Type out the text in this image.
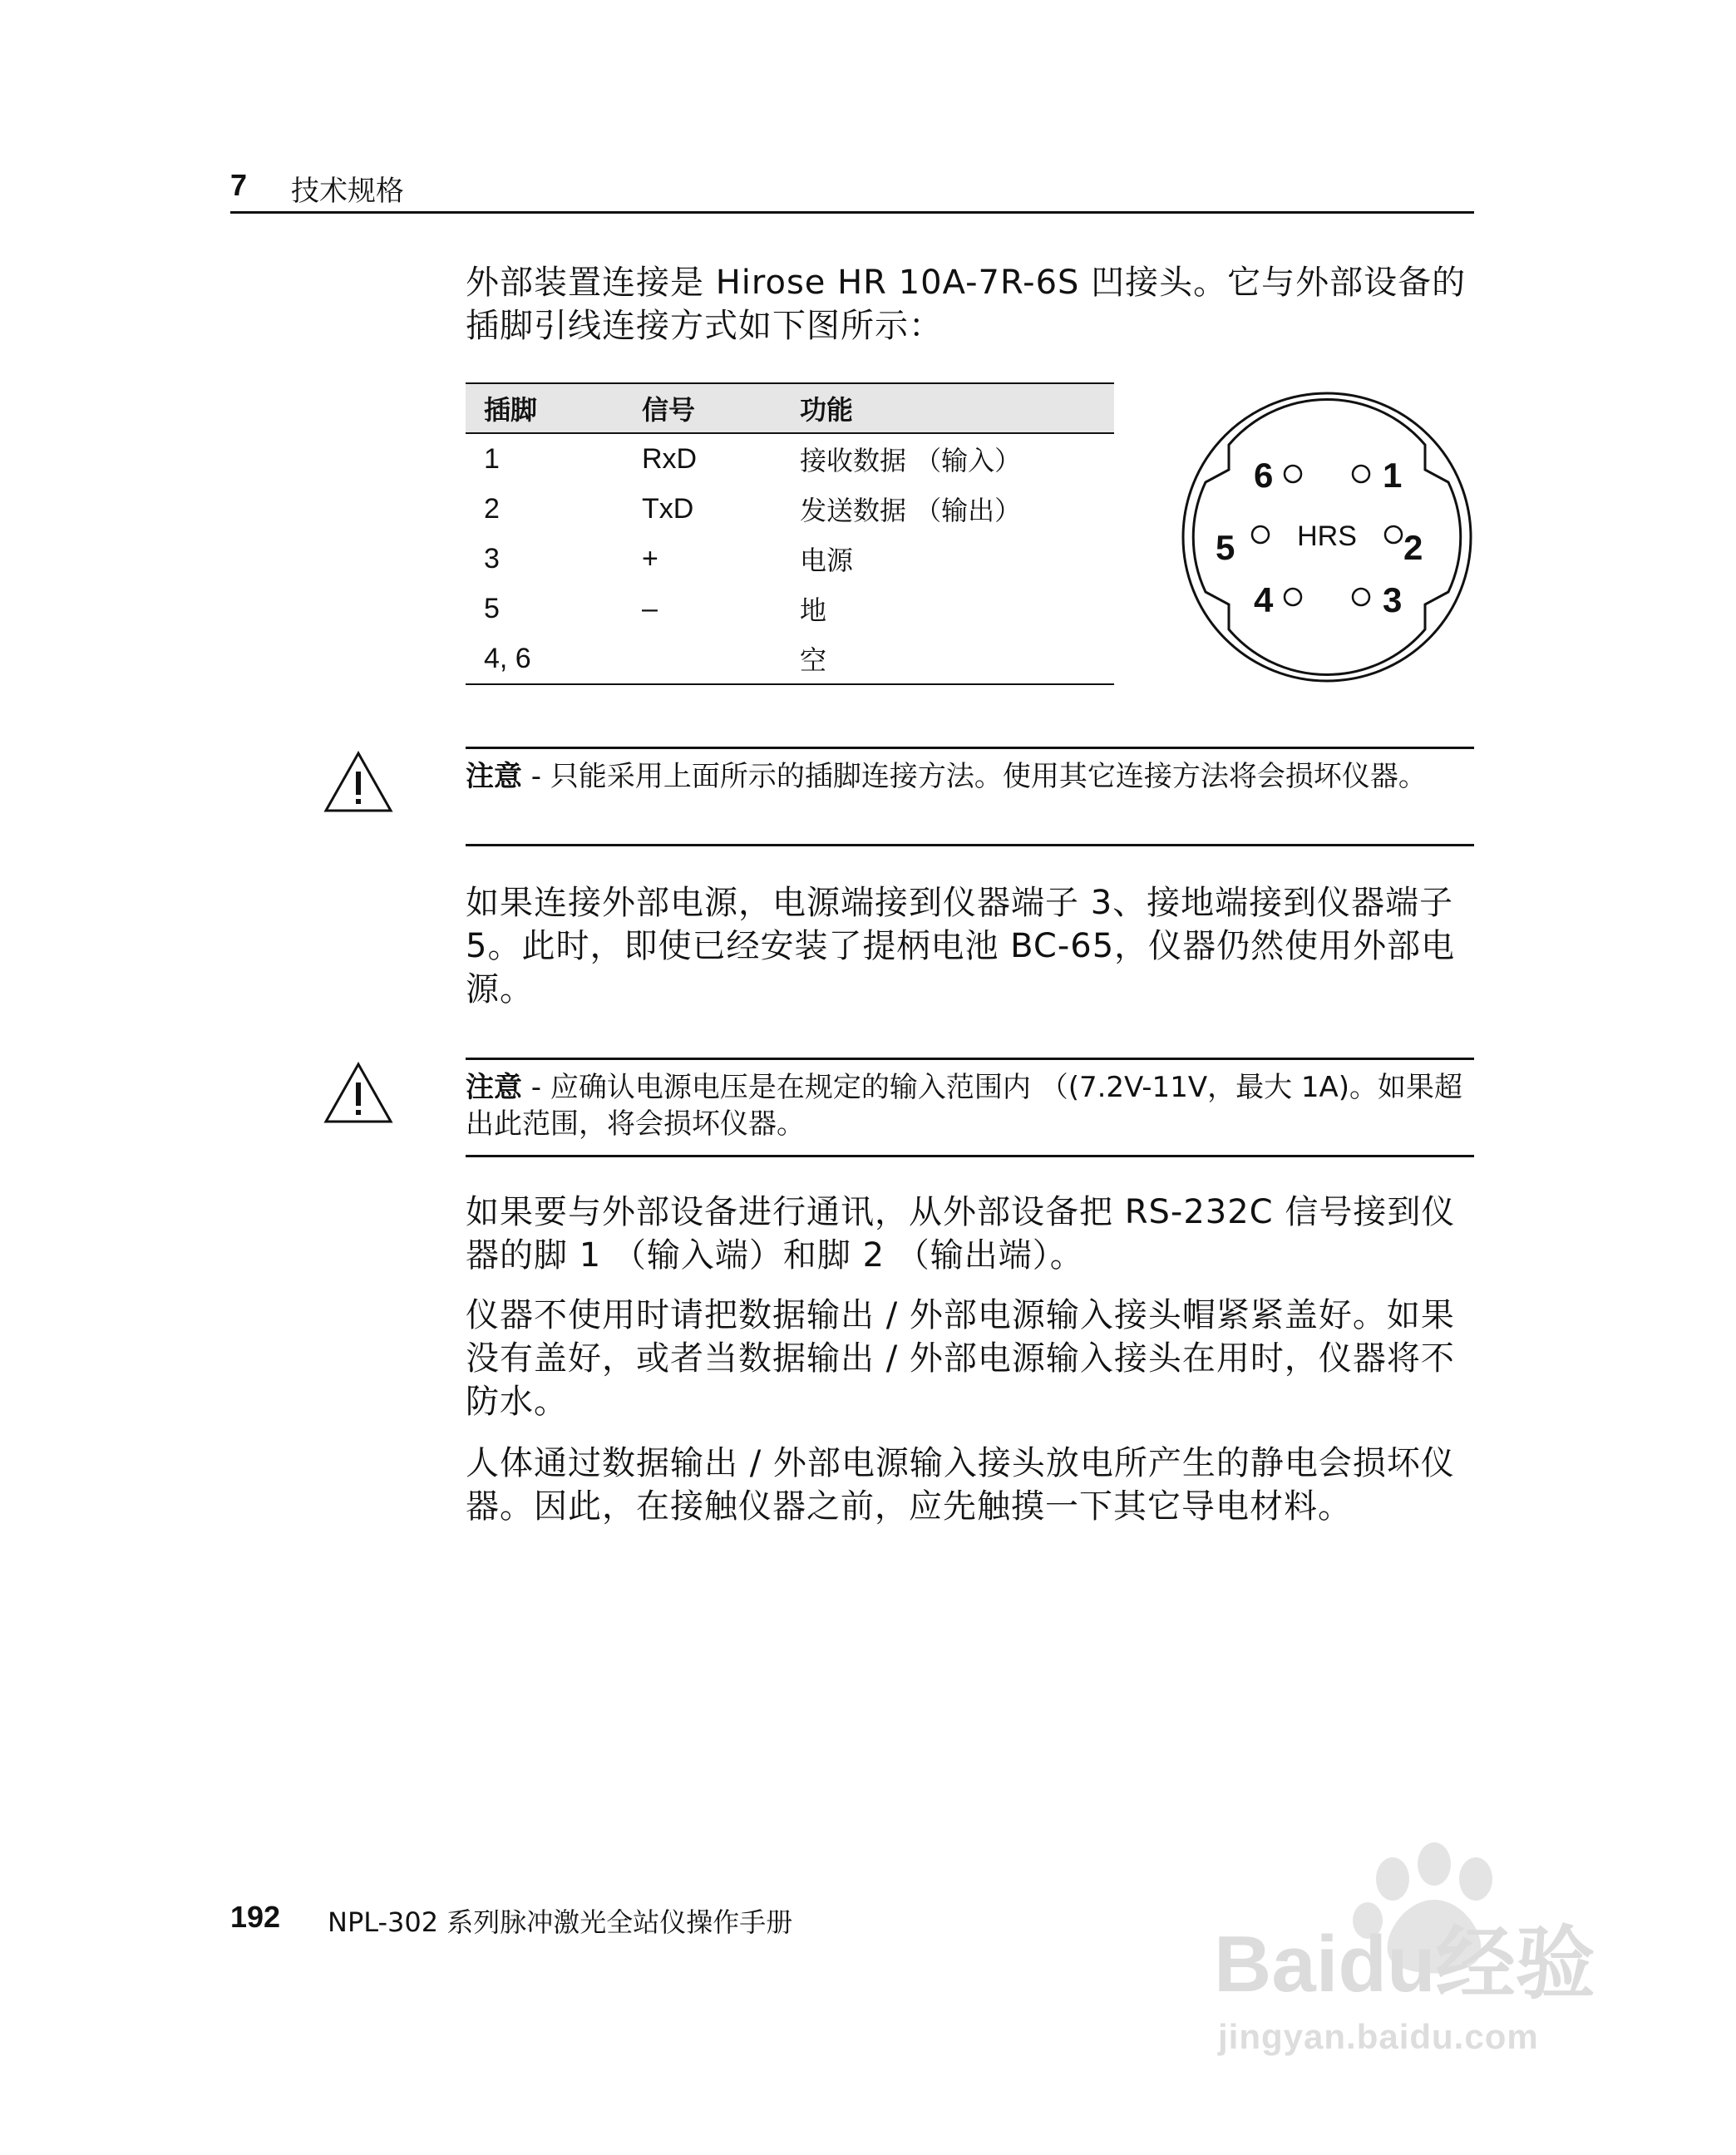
7 技术规格
外部装置连接是 Hirose HR 10A-7R-6S 凹接头。它与外部设备的插脚引线连接方式如下图所示：
插脚	信号	功能
1	RxD	接收数据 （输入）
2	TxD	发送数据 （输出）
3	+	电源
5	–	地
4, 6		空
HRS
1
2
3
4
5
6
注意 - 只能采用上面所示的插脚连接方法。使用其它连接方法将会损坏仪器。
如果连接外部电源，电源端接到仪器端子 3、接地端接到仪器端子 5。此时，即使已经安装了提柄电池 BC-65，仪器仍然使用外部电源。
注意 - 应确认电源电压是在规定的输入范围内 （(7.2V-11V，最大 1A)。如果超出此范围，将会损坏仪器。
如果要与外部设备进行通讯，从外部设备把 RS-232C 信号接到仪器的脚 1 （输入端）和脚 2 （输出端）。
仪器不使用时请把数据输出 / 外部电源输入接头帽紧紧盖好。如果没有盖好，或者当数据输出 / 外部电源输入接头在用时，仪器将不防水。
人体通过数据输出 / 外部电源输入接头放电所产生的静电会损坏仪器。因此，在接触仪器之前，应先触摸一下其它导电材料。
192 NPL-302 系列脉冲激光全站仪操作手册	Baidu经验
jingyan.baidu.com
